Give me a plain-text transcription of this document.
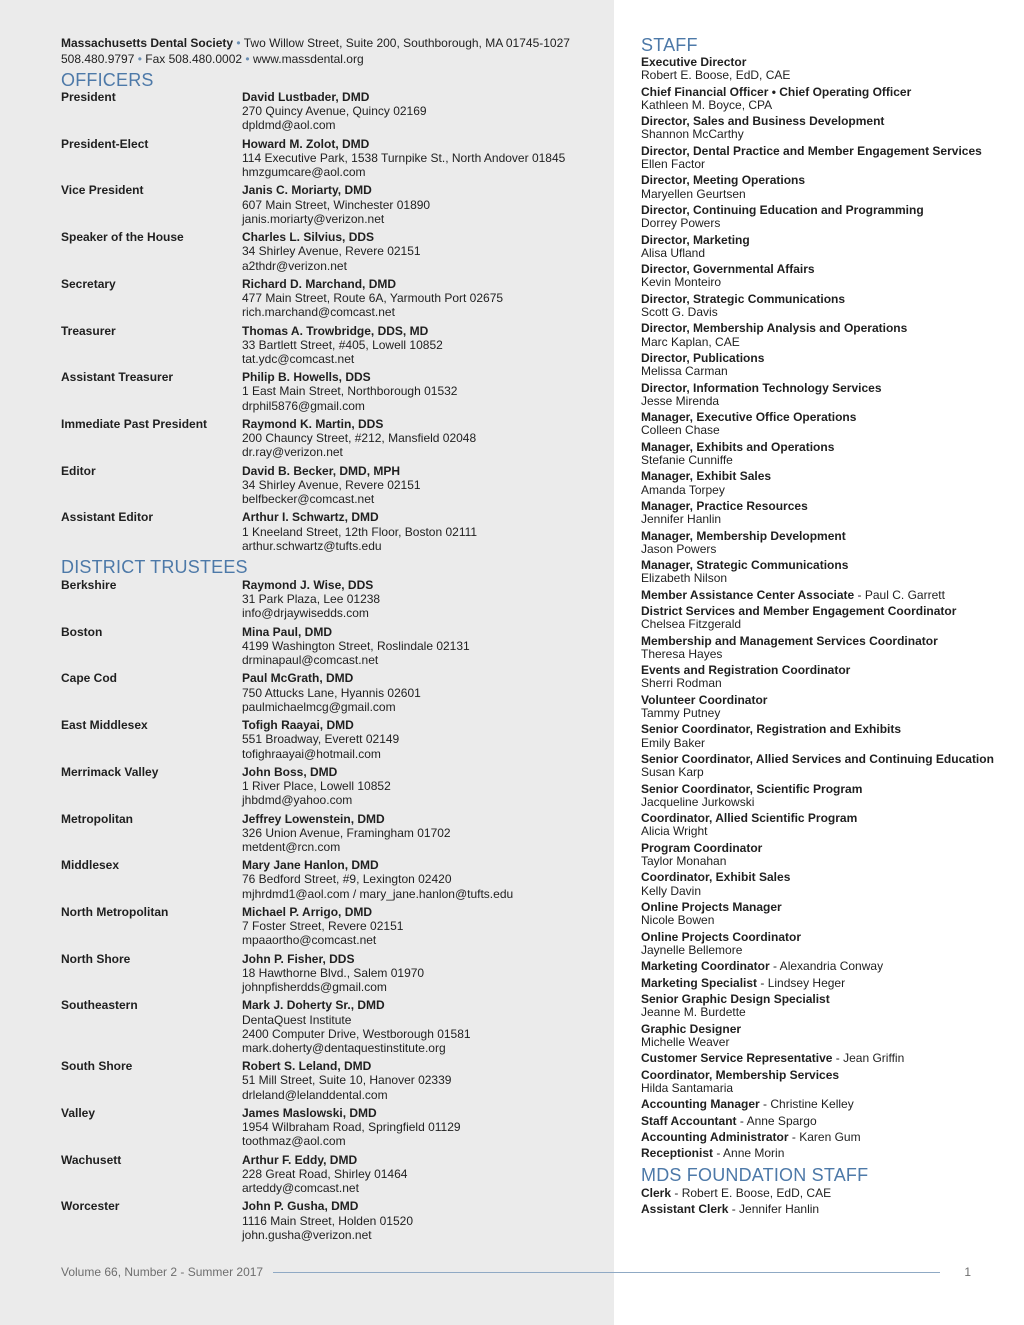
Massachusetts Dental Society • Two Willow Street, Suite 200, Southborough, MA 01745-1027
508.480.9797 • Fax 508.480.0002 • www.massdental.org
OFFICERS
President	David Lustbader, DMD
270 Quincy Avenue, Quincy 02169
dpldmd@aol.com
President-Elect	Howard M. Zolot, DMD
114 Executive Park, 1538 Turnpike St., North Andover 01845
hmzgumcare@aol.com
Vice President	Janis C. Moriarty, DMD
607 Main Street, Winchester 01890
janis.moriarty@verizon.net
Speaker of the House	Charles L. Silvius, DDS
34 Shirley Avenue, Revere 02151
a2thdr@verizon.net
Secretary	Richard D. Marchand, DMD
477 Main Street, Route 6A, Yarmouth Port 02675
rich.marchand@comcast.net
Treasurer	Thomas A. Trowbridge, DDS, MD
33 Bartlett Street, #405, Lowell 10852
tat.ydc@comcast.net
Assistant Treasurer	Philip B. Howells, DDS
1 East Main Street, Northborough 01532
drphil5876@gmail.com
Immediate Past President	Raymond K. Martin, DDS
200 Chauncy Street, #212, Mansfield 02048
dr.ray@verizon.net
Editor	David B. Becker, DMD, MPH
34 Shirley Avenue, Revere 02151
belfbecker@comcast.net
Assistant Editor	Arthur I. Schwartz, DMD
1 Kneeland Street, 12th Floor, Boston 02111
arthur.schwartz@tufts.edu
DISTRICT TRUSTEES
Berkshire	Raymond J. Wise, DDS
31 Park Plaza, Lee 01238
info@drjaywisedds.com
Boston	Mina Paul, DMD
4199 Washington Street, Roslindale 02131
drminapaul@comcast.net
Cape Cod	Paul McGrath, DMD
750 Attucks Lane, Hyannis 02601
paulmichaelmcg@gmail.com
East Middlesex	Tofigh Raayai, DMD
551 Broadway, Everett 02149
tofighraayai@hotmail.com
Merrimack Valley	John Boss, DMD
1 River Place, Lowell 10852
jhbdmd@yahoo.com
Metropolitan	Jeffrey Lowenstein, DMD
326 Union Avenue, Framingham 01702
metdent@rcn.com
Middlesex	Mary Jane Hanlon, DMD
76 Bedford Street, #9, Lexington 02420
mjhrdmd1@aol.com / mary_jane.hanlon@tufts.edu
North Metropolitan	Michael P. Arrigo, DMD
7 Foster Street, Revere 02151
mpaaortho@comcast.net
North Shore	John P. Fisher, DDS
18 Hawthorne Blvd., Salem 01970
johnpfisherdds@gmail.com
Southeastern	Mark J. Doherty Sr., DMD
DentaQuest Institute
2400 Computer Drive, Westborough 01581
mark.doherty@dentaquestinstitute.org
South Shore	Robert S. Leland, DMD
51 Mill Street, Suite 10, Hanover 02339
drleland@lelanddental.com
Valley	James Maslowski, DMD
1954 Wilbraham Road, Springfield 01129
toothmaz@aol.com
Wachusett	Arthur F. Eddy, DMD
228 Great Road, Shirley 01464
arteddy@comcast.net
Worcester	John P. Gusha, DMD
1116 Main Street, Holden 01520
john.gusha@verizon.net
STAFF
Executive Director
Robert E. Boose, EdD, CAE
Chief Financial Officer • Chief Operating Officer
Kathleen M. Boyce, CPA
Director, Sales and Business Development
Shannon McCarthy
Director, Dental Practice and Member Engagement Services
Ellen Factor
Director, Meeting Operations
Maryellen Geurtsen
Director, Continuing Education and Programming
Dorrey Powers
Director, Marketing
Alisa Ufland
Director, Governmental Affairs
Kevin Monteiro
Director, Strategic Communications
Scott G. Davis
Director, Membership Analysis and Operations
Marc Kaplan, CAE
Director, Publications
Melissa Carman
Director, Information Technology Services
Jesse Mirenda
Manager, Executive Office Operations
Colleen Chase
Manager, Exhibits and Operations
Stefanie Cunniffe
Manager, Exhibit Sales
Amanda Torpey
Manager, Practice Resources
Jennifer Hanlin
Manager, Membership Development
Jason Powers
Manager, Strategic Communications
Elizabeth Nilson
Member Assistance Center Associate - Paul C. Garrett
District Services and Member Engagement Coordinator
Chelsea Fitzgerald
Membership and Management Services Coordinator
Theresa Hayes
Events and Registration Coordinator
Sherri Rodman
Volunteer Coordinator
Tammy Putney
Senior Coordinator, Registration and Exhibits
Emily Baker
Senior Coordinator, Allied Services and Continuing Education
Susan Karp
Senior Coordinator, Scientific Program
Jacqueline Jurkowski
Coordinator, Allied Scientific Program
Alicia Wright
Program Coordinator
Taylor Monahan
Coordinator, Exhibit Sales
Kelly Davin
Online Projects Manager
Nicole Bowen
Online Projects Coordinator
Jaynelle Bellemore
Marketing Coordinator - Alexandria Conway
Marketing Specialist - Lindsey Heger
Senior Graphic Design Specialist
Jeanne M. Burdette
Graphic Designer
Michelle Weaver
Customer Service Representative - Jean Griffin
Coordinator, Membership Services
Hilda Santamaria
Accounting Manager - Christine Kelley
Staff Accountant - Anne Spargo
Accounting Administrator - Karen Gum
Receptionist - Anne Morin
MDS FOUNDATION STAFF
Clerk - Robert E. Boose, EdD, CAE
Assistant Clerk - Jennifer Hanlin
Volume 66, Number 2 - Summer 2017	1
